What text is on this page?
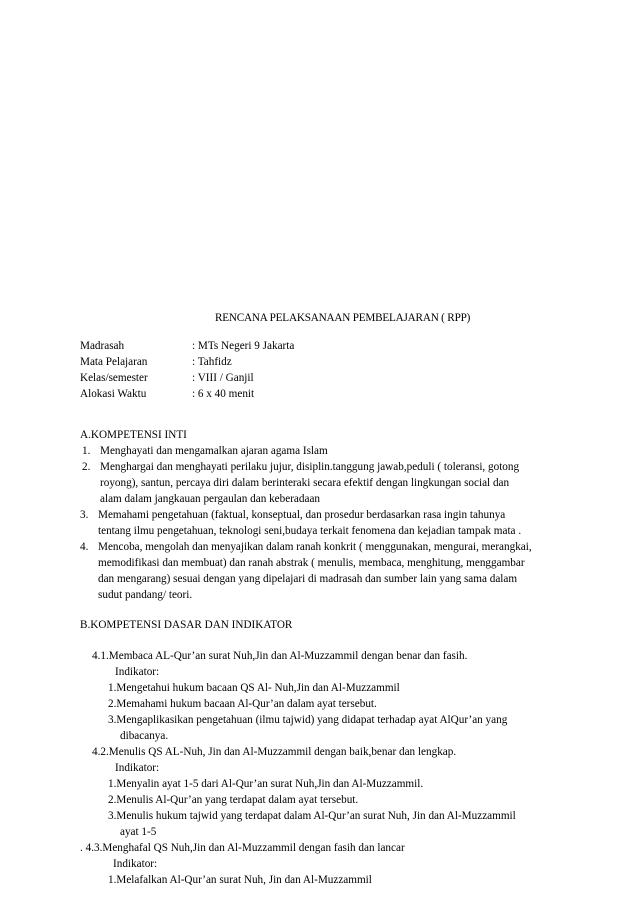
RENCANA PELAKSANAAN PEMBELAJARAN ( RPP)
Madrasah	: MTs Negeri 9 Jakarta
Mata Pelajaran	: Tahfidz
Kelas/semester	: VIII / Ganjil
Alokasi Waktu	: 6 x 40 menit
A.KOMPETENSI INTI
1. Menghayati dan mengamalkan ajaran agama Islam
2. Menghargai dan menghayati perilaku jujur, disiplin.tanggung jawab,peduli ( toleransi, gotong
royong), santun, percaya diri dalam berinteraki secara efektif dengan lingkungan social dan
alam dalam jangkauan pergaulan dan keberadaan
3. Memahami pengetahuan (faktual, konseptual, dan prosedur berdasarkan rasa ingin tahunya
tentang ilmu pengetahuan, teknologi seni,budaya terkait fenomena dan kejadian tampak mata .
4. Mencoba, mengolah dan menyajikan dalam ranah konkrit ( menggunakan, mengurai, merangkai,
memodifikasi dan membuat) dan ranah abstrak ( menulis, membaca, menghitung, menggambar
dan mengarang) sesuai dengan yang dipelajari di madrasah dan sumber lain yang sama dalam
sudut pandang/ teori.
B.KOMPETENSI DASAR DAN INDIKATOR
4.1.Membaca AL-Qur’an surat Nuh,Jin dan Al-Muzzammil dengan benar dan fasih.
Indikator:
1.Mengetahui hukum bacaan QS Al- Nuh,Jin dan Al-Muzzammil
2.Memahami hukum bacaan Al-Qur’an dalam ayat tersebut.
3.Mengaplikasikan pengetahuan (ilmu tajwid) yang didapat terhadap ayat AlQur’an yang
dibacanya.
4.2.Menulis QS AL-Nuh, Jin dan Al-Muzzammil dengan baik,benar dan lengkap.
Indikator:
1.Menyalin ayat 1-5 dari Al-Qur’an surat Nuh,Jin dan Al-Muzzammil.
2.Menulis Al-Qur’an yang terdapat dalam ayat tersebut.
3.Menulis hukum tajwid yang terdapat dalam Al-Qur’an surat Nuh, Jin dan Al-Muzzammil
ayat 1-5
. 4.3.Menghafal QS Nuh,Jin dan Al-Muzzammil dengan fasih dan lancar
Indikator:
1.Melafalkan Al-Qur’an surat Nuh, Jin dan Al-Muzzammil
